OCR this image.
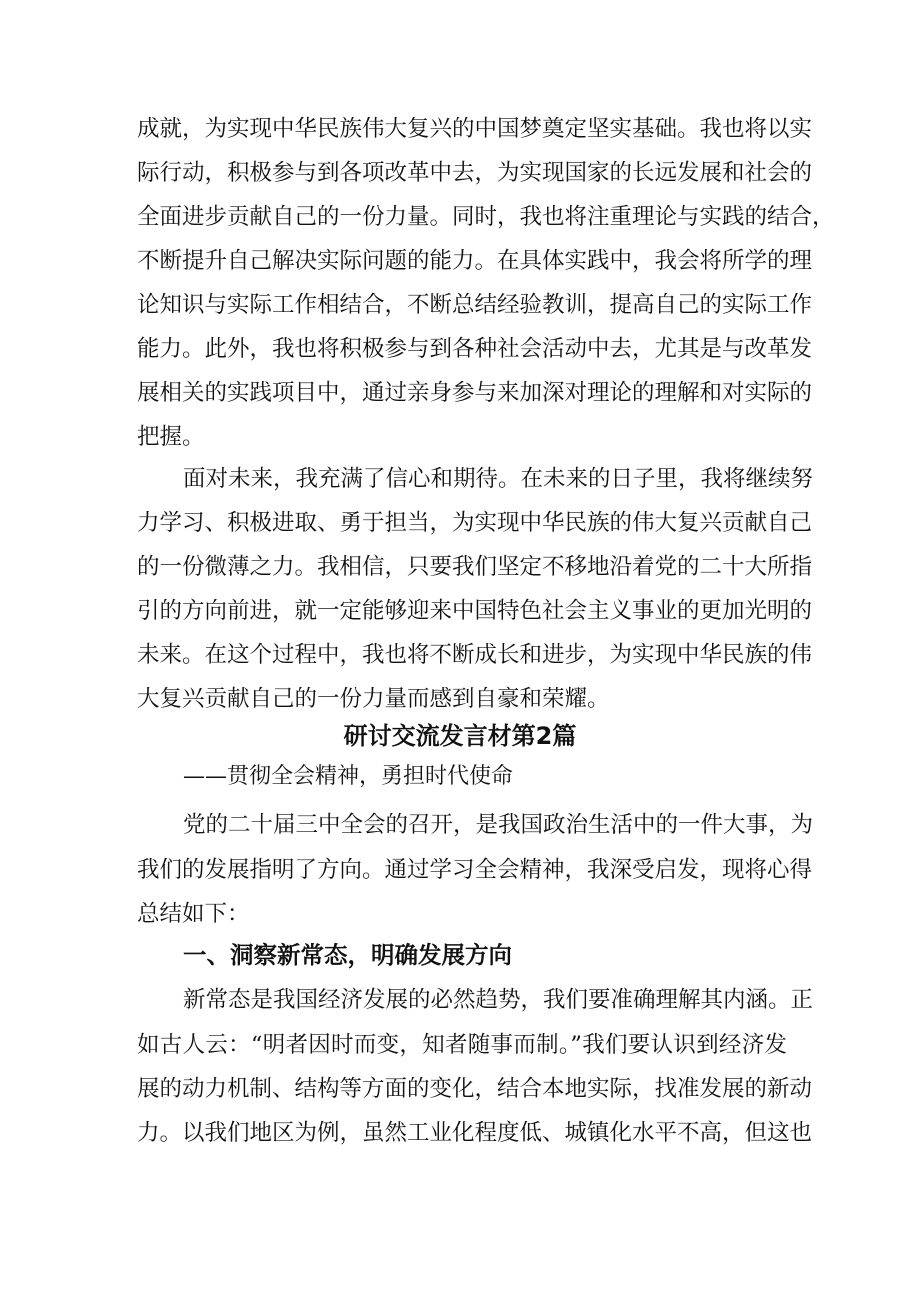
成就，为实现中华民族伟大复兴的中国梦奠定坚实基础。我也将以实
际行动，积极参与到各项改革中去，为实现国家的长远发展和社会的
全面进步贡献自己的一份力量。同时，我也将注重理论与实践的结合，
不断提升自己解决实际问题的能力。在具体实践中，我会将所学的理
论知识与实际工作相结合，不断总结经验教训，提高自己的实际工作
能力。此外，我也将积极参与到各种社会活动中去，尤其是与改革发
展相关的实践项目中，通过亲身参与来加深对理论的理解和对实际的
把握。
面对未来，我充满了信心和期待。在未来的日子里，我将继续努
力学习、积极进取、勇于担当，为实现中华民族的伟大复兴贡献自己
的一份微薄之力。我相信，只要我们坚定不移地沿着党的二十大所指
引的方向前进，就一定能够迎来中国特色社会主义事业的更加光明的
未来。在这个过程中，我也将不断成长和进步，为实现中华民族的伟
大复兴贡献自己的一份力量而感到自豪和荣耀。
研讨交流发言材第2篇
——贯彻全会精神，勇担时代使命
党的二十届三中全会的召开，是我国政治生活中的一件大事，为
我们的发展指明了方向。通过学习全会精神，我深受启发，现将心得
总结如下：
一、洞察新常态，明确发展方向
新常态是我国经济发展的必然趋势，我们要准确理解其内涵。正
如古人云：“明者因时而变，知者随事而制。”我们要认识到经济发
展的动力机制、结构等方面的变化，结合本地实际，找准发展的新动
力。以我们地区为例，虽然工业化程度低、城镇化水平不高，但这也
